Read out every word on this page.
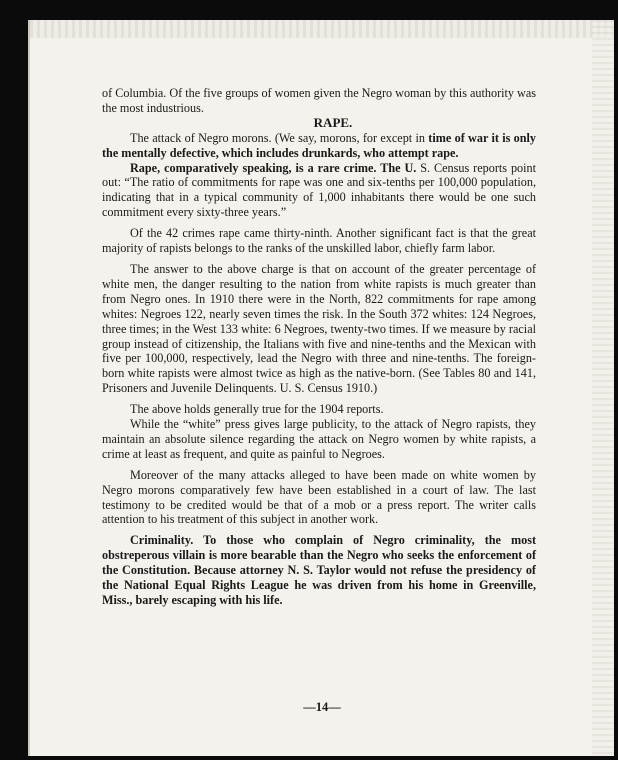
of Columbia. Of the five groups of women given the Negro woman by this authority was the most industrious.

RAPE.

The attack of Negro morons. (We say, morons, for except in time of war it is only the mentally defective, which includes drunkards, who attempt rape.

Rape, comparatively speaking, is a rare crime. The U. S. Census reports point out: “The ratio of commitments for rape was one and six-tenths per 100,000 population, indicating that in a typical community of 1,000 inhabitants there would be one such commitment every sixty-three years.”

Of the 42 crimes rape came thirty-ninth. Another significant fact is that the great majority of rapists belongs to the ranks of the unskilled labor, chiefly farm labor.

The answer to the above charge is that on account of the greater percentage of white men, the danger resulting to the nation from white rapists is much greater than from Negro ones. In 1910 there were in the North, 822 commitments for rape among whites: Negroes 122, nearly seven times the risk. In the South 372 whites: 124 Negroes, three times; in the West 133 white: 6 Negroes, twenty-two times. If we measure by racial group instead of citizenship, the Italians with five and nine-tenths and the Mexican with five per 100,000, respectively, lead the Negro with three and nine-tenths. The foreign-born white rapists were almost twice as high as the native-born. (See Tables 80 and 141, Prisoners and Juvenile Delinquents. U. S. Census 1910.)

The above holds generally true for the 1904 reports.

While the “white” press gives large publicity, to the attack of Negro rapists, they maintain an absolute silence regarding the attack on Negro women by white rapists, a crime at least as frequent, and quite as painful to Negroes.

Moreover of the many attacks alleged to have been made on white women by Negro morons comparatively few have been established in a court of law. The last testimony to be credited would be that of a mob or a press report. The writer calls attention to his treatment of this subject in another work.

Criminality. To those who complain of Negro criminality, the most obstreperous villain is more bearable than the Negro who seeks the enforcement of the Constitution. Because attorney N. S. Taylor would not refuse the presidency of the National Equal Rights League he was driven from his home in Greenville, Miss., barely escaping with his life.

—14—
